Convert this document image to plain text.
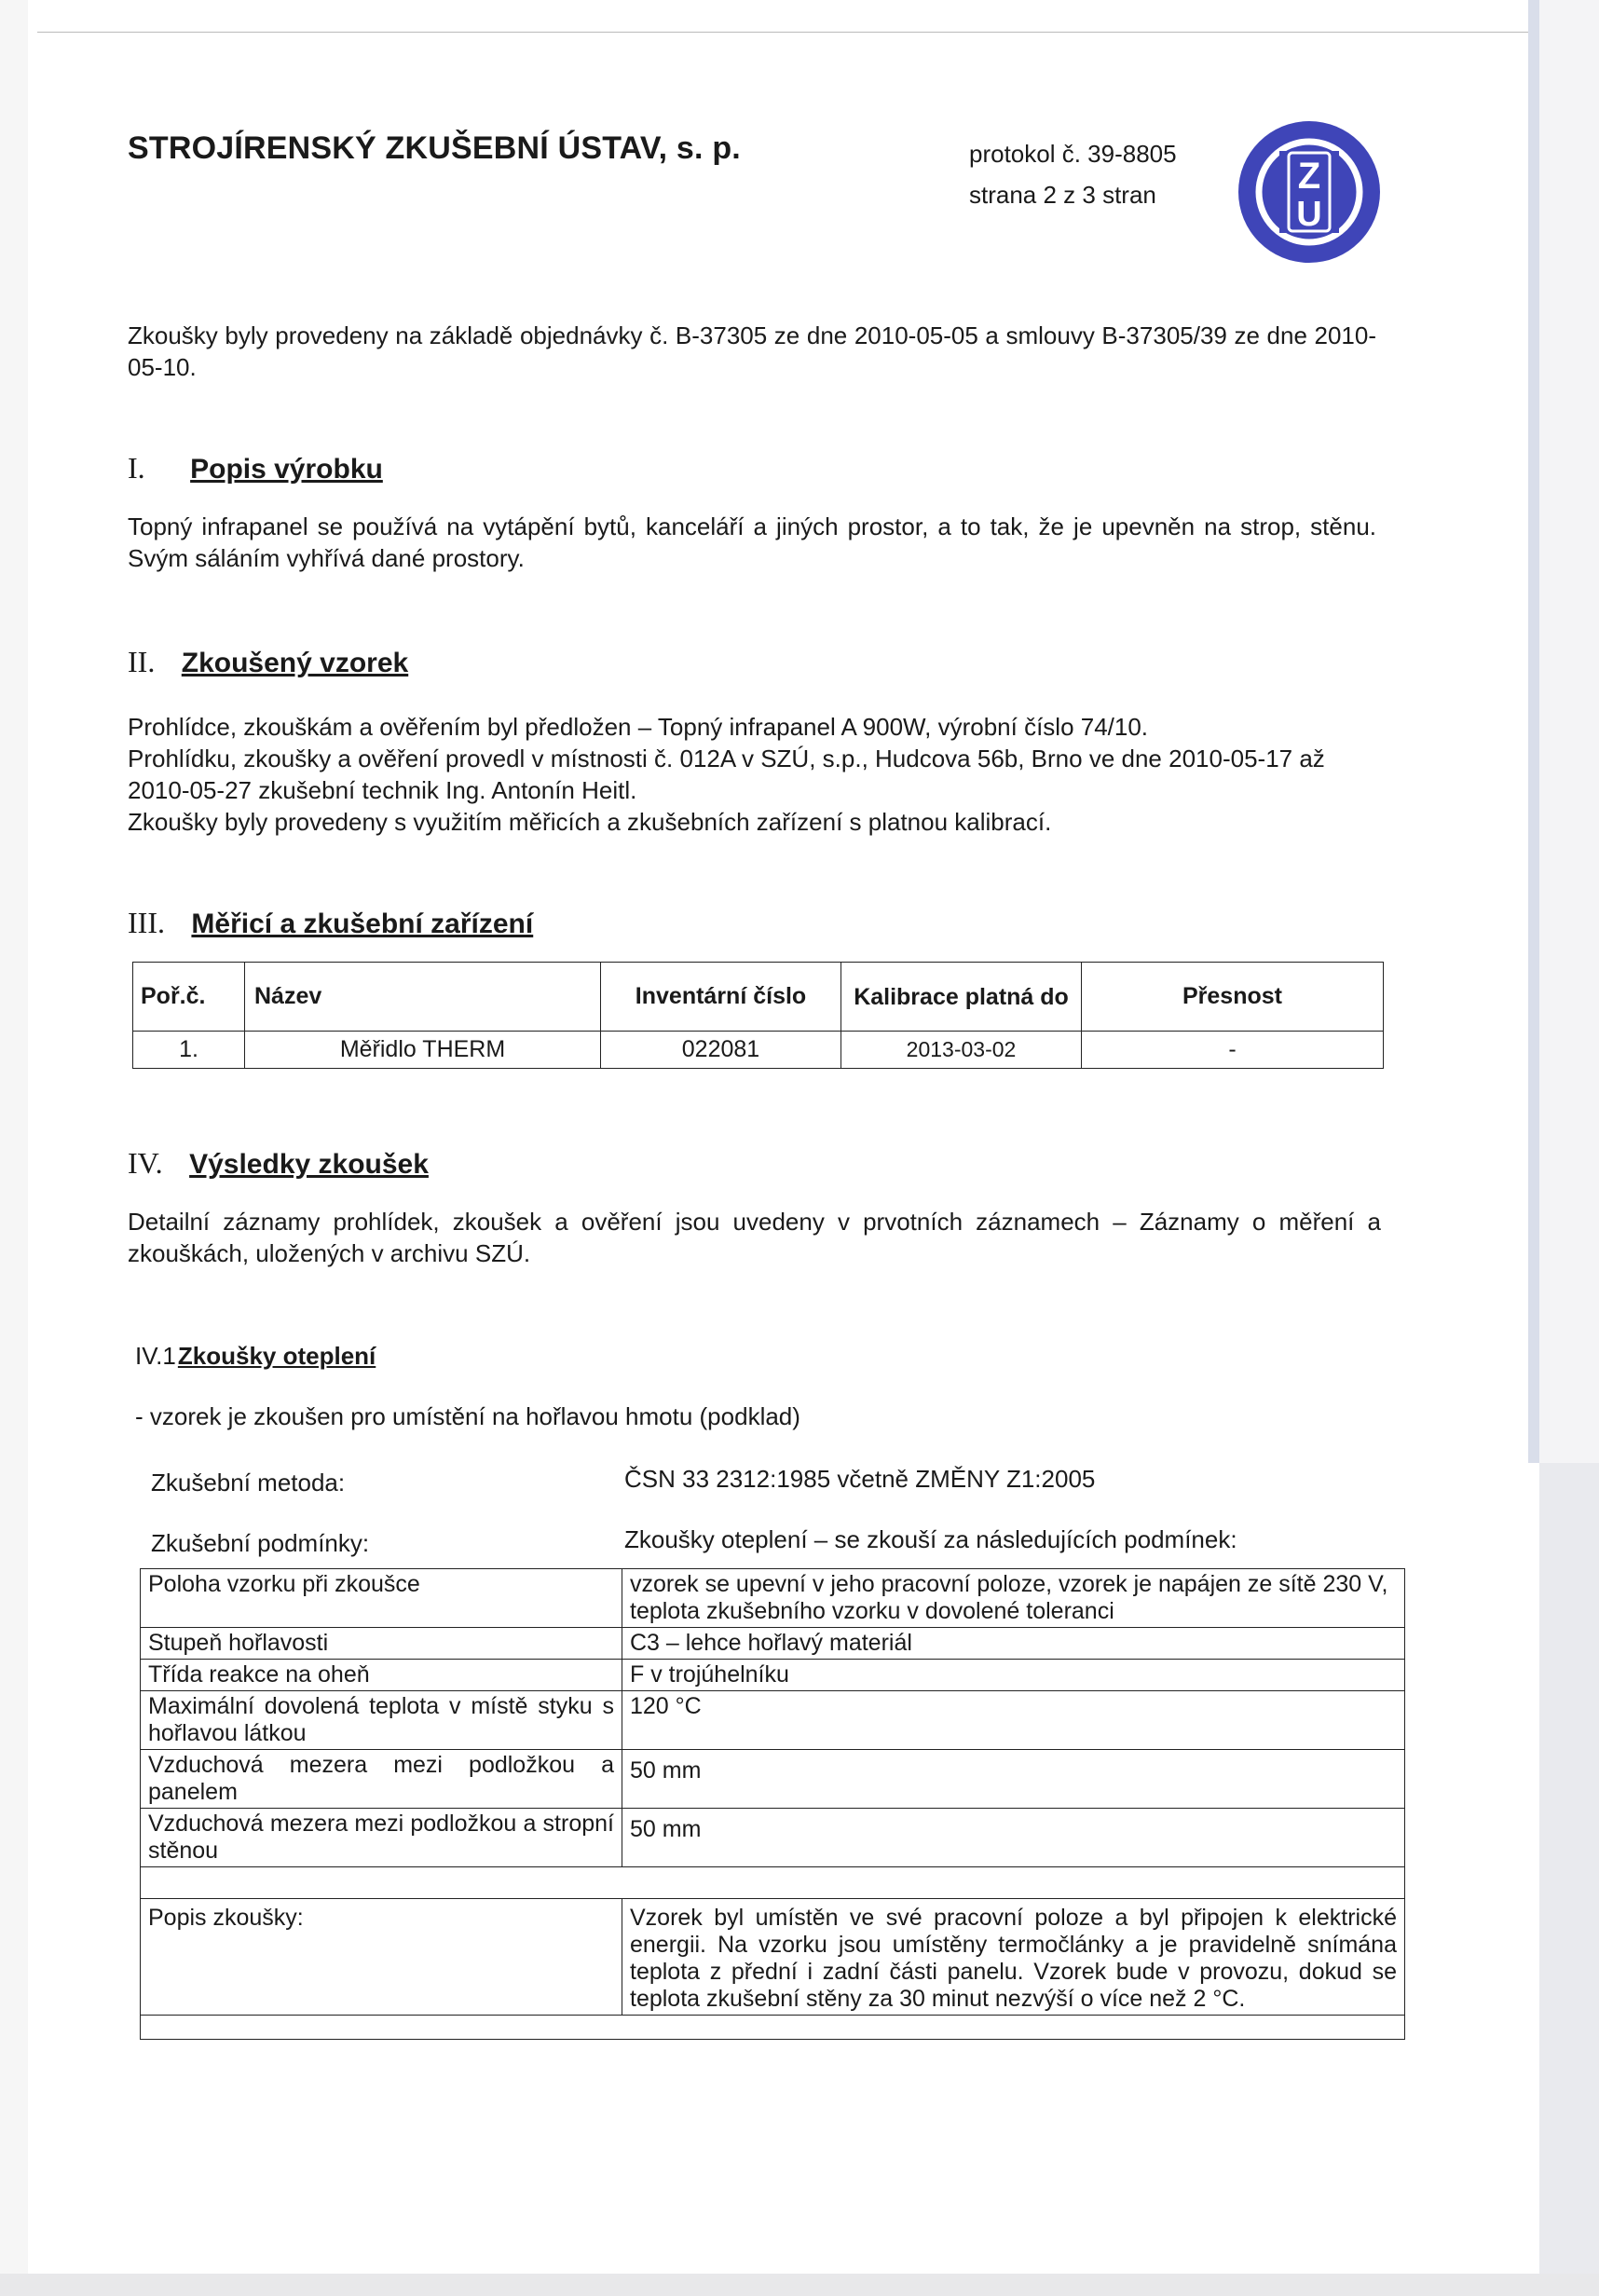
STROJÍRENSKÝ ZKUŠEBNÍ ÚSTAV, s. p.	protokol č. 39-8805
strana 2 z 3 stran	Z
U
Zkoušky byly provedeny na základě objednávky č. B-37305 ze dne 2010-05-05 a smlouvy B-37305/39 ze dne 2010-05-10.
I. Popis výrobku
Topný infrapanel se používá na vytápění bytů, kanceláří a jiných prostor, a to tak, že je upevněn na strop, stěnu. Svým sáláním vyhřívá dané prostory.
II. Zkoušený vzorek
Prohlídce, zkouškám a ověřením byl předložen – Topný infrapanel A 900W, výrobní číslo 74/10.
Prohlídku, zkoušky a ověření provedl v místnosti č. 012A v SZÚ, s.p., Hudcova 56b, Brno ve dne 2010-05-17 až 2010-05-27 zkušební technik Ing. Antonín Heitl.
Zkoušky byly provedeny s využitím měřicích a zkušebních zařízení s platnou kalibrací.
III. Měřicí a zkušební zařízení
Poř.č.	Název	Inventární číslo	Kalibrace platná do	Přesnost
1.	Měřidlo THERM	022081	2013-03-02	-
IV. Výsledky zkoušek
Detailní záznamy prohlídek, zkoušek a ověření jsou uvedeny v prvotních záznamech – Záznamy o měření a zkouškách, uložených v archivu SZÚ.
IV.1Zkoušky oteplení
- vzorek je zkoušen pro umístění na hořlavou hmotu (podklad)
Zkušební metoda:	ČSN 33 2312:1985 včetně ZMĚNY Z1:2005
Zkušební podmínky:	Zkoušky oteplení – se zkouší za následujících podmínek:
Poloha vzorku při zkoušce	vzorek se upevní v jeho pracovní poloze, vzorek je napájen ze sítě 230 V, teplota zkušebního vzorku v dovolené toleranci
Stupeň hořlavosti	C3 – lehce hořlavý materiál
Třída reakce na oheň	F v trojúhelníku
Maximální dovolená teplota v místě styku s hořlavou látkou	120 °C
Vzduchová mezera mezi podložkou a panelem	50 mm
Vzduchová mezera mezi podložkou a stropní stěnou	50 mm

Popis zkoušky:	Vzorek byl umístěn ve své pracovní poloze a byl připojen k elektrické energii. Na vzorku jsou umístěny termočlánky a je pravidelně snímána teplota z přední i zadní části panelu. Vzorek bude v provozu, dokud se teplota zkušební stěny za 30 minut nezvýší o více než 2 °C.
